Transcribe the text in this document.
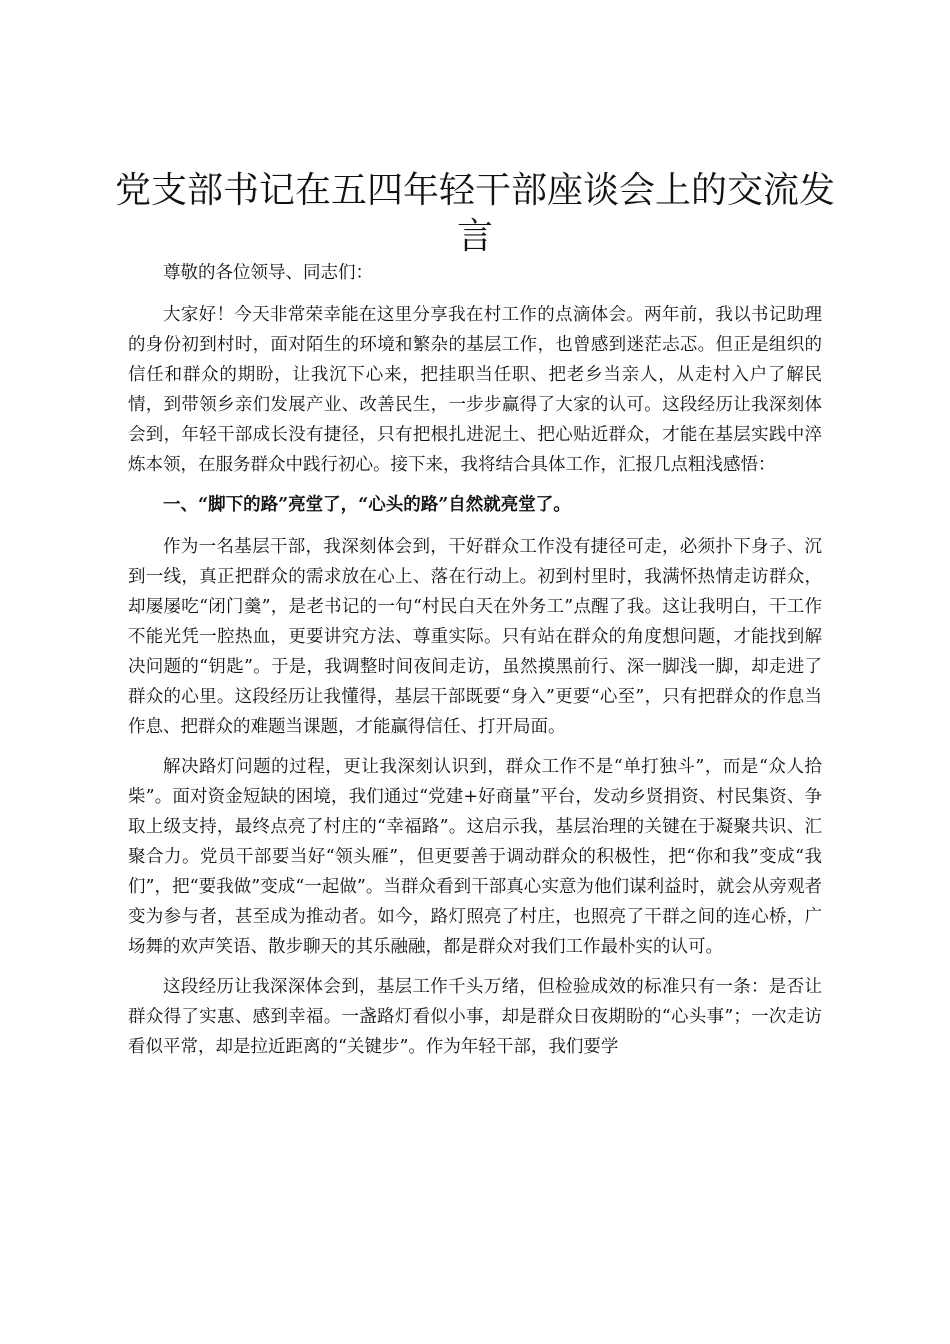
党支部书记在五四年轻干部座谈会上的交流发言

尊敬的各位领导、同志们：

大家好！今天非常荣幸能在这里分享我在村工作的点滴体会。两年前，我以书记助理的身份初到村时，面对陌生的环境和繁杂的基层工作，也曾感到迷茫忐忑。但正是组织的信任和群众的期盼，让我沉下心来，把挂职当任职、把老乡当亲人，从走村入户了解民情，到带领乡亲们发展产业、改善民生，一步步赢得了大家的认可。这段经历让我深刻体会到，年轻干部成长没有捷径，只有把根扎进泥土、把心贴近群众，才能在基层实践中淬炼本领，在服务群众中践行初心。接下来，我将结合具体工作，汇报几点粗浅感悟：

一、“脚下的路”亮堂了，“心头的路”自然就亮堂了。

作为一名基层干部，我深刻体会到，干好群众工作没有捷径可走，必须扑下身子、沉到一线，真正把群众的需求放在心上、落在行动上。初到村里时，我满怀热情走访群众，却屡屡吃“闭门羹”，是老书记的一句“村民白天在外务工”点醒了我。这让我明白，干工作不能光凭一腔热血，更要讲究方法、尊重实际。只有站在群众的角度想问题，才能找到解决问题的“钥匙”。于是，我调整时间夜间走访，虽然摸黑前行、深一脚浅一脚，却走进了群众的心里。这段经历让我懂得，基层干部既要“身入”更要“心至”，只有把群众的作息当作息、把群众的难题当课题，才能赢得信任、打开局面。

解决路灯问题的过程，更让我深刻认识到，群众工作不是“单打独斗”，而是“众人拾柴”。面对资金短缺的困境，我们通过“党建+好商量”平台，发动乡贤捐资、村民集资、争取上级支持，最终点亮了村庄的“幸福路”。这启示我，基层治理的关键在于凝聚共识、汇聚合力。党员干部要当好“领头雁”，但更要善于调动群众的积极性，把“你和我”变成“我们”，把“要我做”变成“一起做”。当群众看到干部真心实意为他们谋利益时，就会从旁观者变为参与者，甚至成为推动者。如今，路灯照亮了村庄，也照亮了干群之间的连心桥，广场舞的欢声笑语、散步聊天的其乐融融，都是群众对我们工作最朴实的认可。

这段经历让我深深体会到，基层工作千头万绪，但检验成效的标准只有一条：是否让群众得了实惠、感到幸福。一盏路灯看似小事，却是群众日夜期盼的“心头事”；一次走访看似平常，却是拉近距离的“关键步”。作为年轻干部，我们要学
